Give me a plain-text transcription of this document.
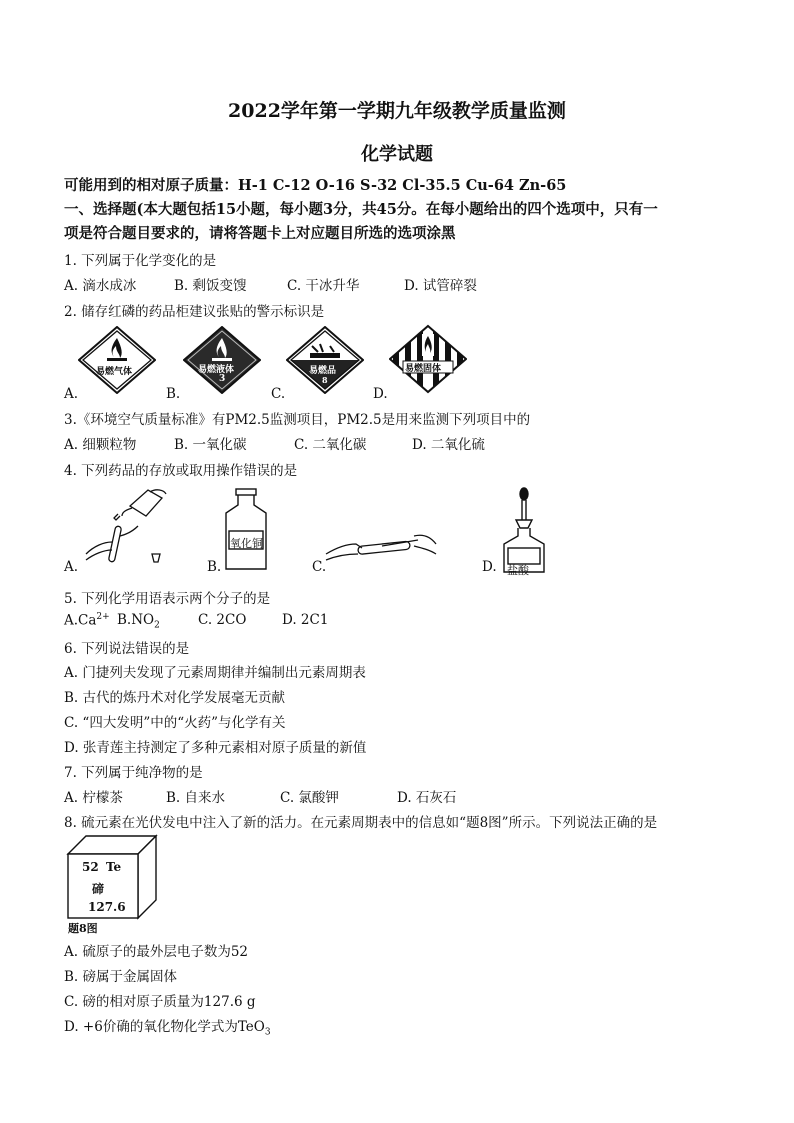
2022学年第一学期九年级教学质量监测
化学试题
可能用到的相对原子质量：H-1 C-12 O-16 S-32 Cl-35.5 Cu-64 Zn-65
一、选择题(本大题包括15小题，每小题3分，共45分。在每小题给出的四个选项中，只有一
项是符合题目要求的，请将答题卡上对应题目所选的选项涂黑
1. 下列属于化学变化的是
A. 滴水成冰	B. 剩饭变馊	C. 干冰升华	D. 试管碎裂
2. 储存红磷的药品柜建议张贴的警示标识是
易燃气体	易燃液体
3
易燃品
8
易燃固体
A.	B.	C.	D.
3.《环境空气质量标准》有PM2.5监测项目，PM2.5是用来监测下列项目中的
A. 细颗粒物	B. 一氧化碳	C. 二氧化碳	D. 二氧化硫
4. 下列药品的存放或取用操作错误的是
氧化铜
盐酸
A.	B.	C.	D.
5. 下列化学用语表示两个分子的是
$A.Ca^{2+}$ $B.NO_2$	C. 2CO	D. 2C1
6. 下列说法错误的是
A. 门捷列夫发现了元素周期律并编制出元素周期表
B. 古代的炼丹术对化学发展毫无贡献
C. “四大发明”中的“火药”与化学有关
D. 张青莲主持测定了多种元素相对原子质量的新值
7. 下列属于纯净物的是
A. 柠檬茶	B. 自来水	C. 氯酸钾	D. 石灰石
8. 硫元素在光伏发电中注入了新的活力。在元素周期表中的信息如“题8图”所示。下列说法正确的是
52 Te
碲
127.6
题8图
A. 硫原子的最外层电子数为52
B. 磅属于金属固体
C. 磅的相对原子质量为127.6 g
D. +6价确的氧化物化学式为TeO$_3$
